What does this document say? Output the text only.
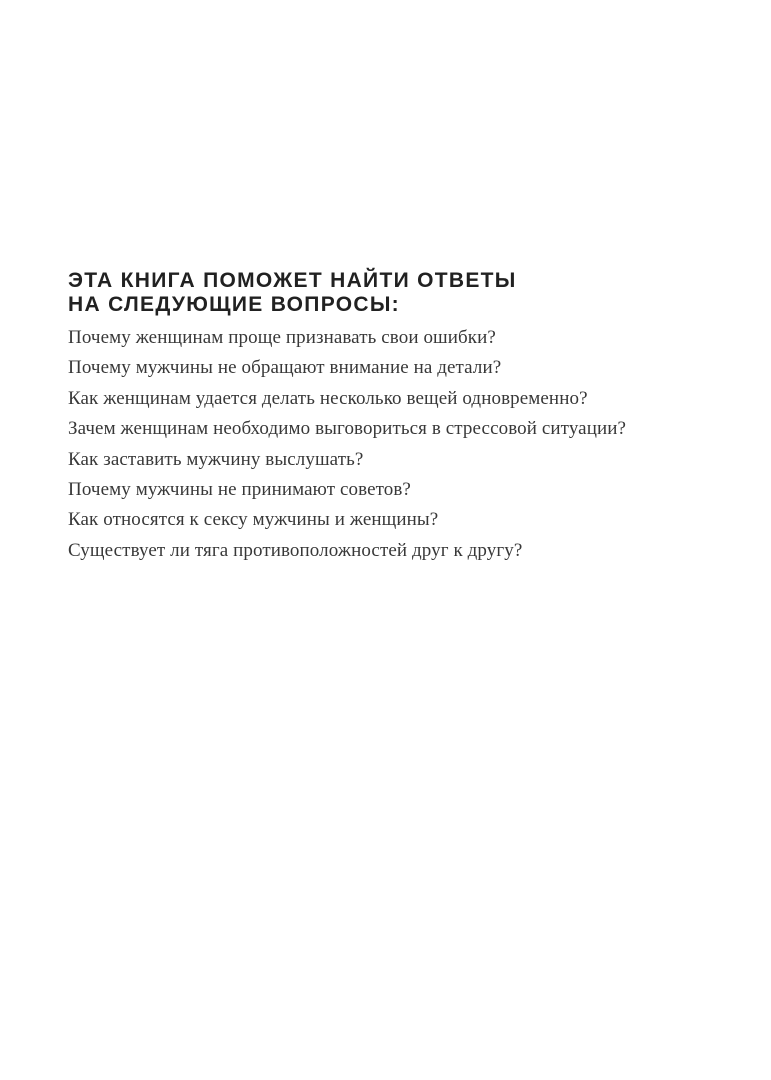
ЭТА КНИГА ПОМОЖЕТ НАЙТИ ОТВЕТЫ
НА СЛЕДУЮЩИЕ ВОПРОСЫ:

Почему женщинам проще признавать свои ошибки?

Почему мужчины не обращают внимание на детали?

Как женщинам удается делать несколько вещей одновременно?

Зачем женщинам необходимо выговориться в стрессовой ситуации?

Как заставить мужчину выслушать?

Почему мужчины не принимают советов?

Как относятся к сексу мужчины и женщины?

Существует ли тяга противоположностей друг к другу?
